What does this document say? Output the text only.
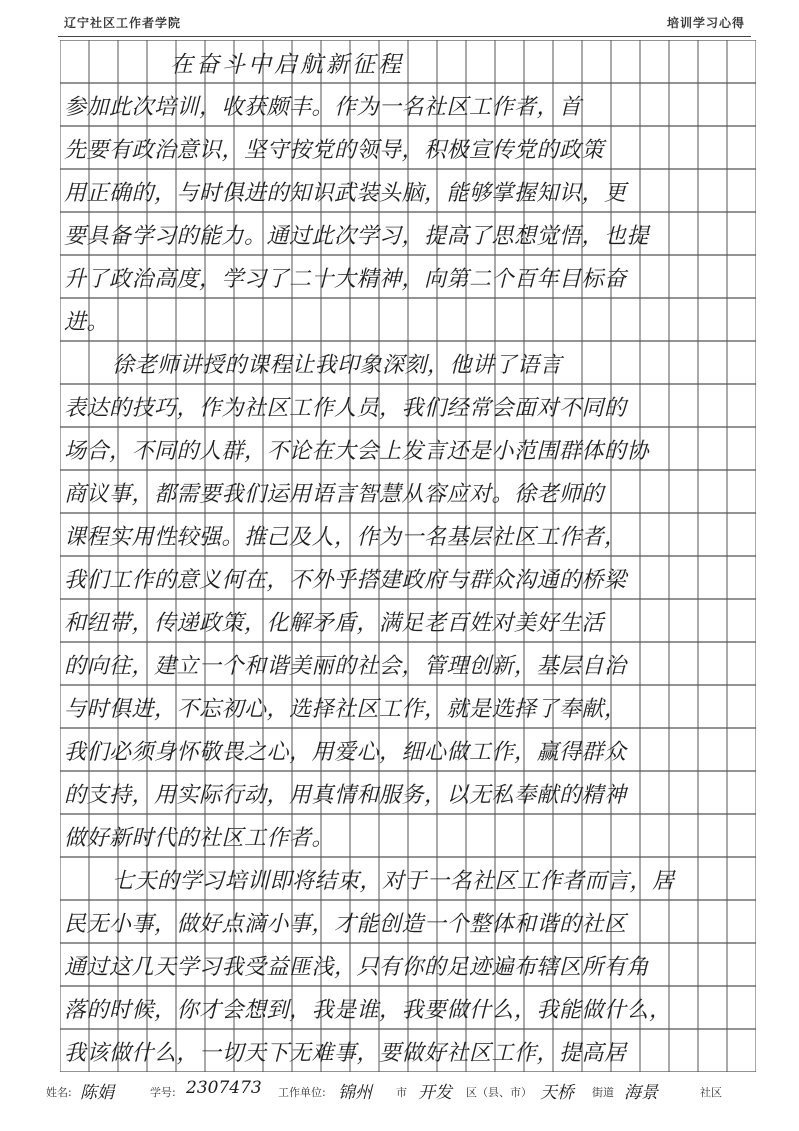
辽宁社区工作者学院	培训学习心得
在奋斗中启航新征程
参加此次培训，收获颇丰。作为一名社区工作者，首
先要有政治意识，坚守按党的领导，积极宣传党的政策
用正确的，与时俱进的知识武装头脑，能够掌握知识，更
要具备学习的能力。通过此次学习，提高了思想觉悟，也提
升了政治高度，学习了二十大精神，向第二个百年目标奋
进。
徐老师讲授的课程让我印象深刻，他讲了语言
表达的技巧，作为社区工作人员，我们经常会面对不同的
场合，不同的人群，不论在大会上发言还是小范围群体的协
商议事，都需要我们运用语言智慧从容应对。徐老师的
课程实用性较强。推己及人，作为一名基层社区工作者，
我们工作的意义何在，不外乎搭建政府与群众沟通的桥梁
和纽带，传递政策，化解矛盾，满足老百姓对美好生活
的向往，建立一个和谐美丽的社会，管理创新，基层自治
与时俱进，不忘初心，选择社区工作，就是选择了奉献，
我们必须身怀敬畏之心，用爱心，细心做工作，赢得群众
的支持，用实际行动，用真情和服务，以无私奉献的精神
做好新时代的社区工作者。
七天的学习培训即将结束，对于一名社区工作者而言，居
民无小事，做好点滴小事，才能创造一个整体和谐的社区
通过这几天学习我受益匪浅，只有你的足迹遍布辖区所有角
落的时候，你才会想到，我是谁，我要做什么，我能做什么，
我该做什么，一切天下无难事，要做好社区工作，提高居
姓名: 陈娟	学号: 2307473 工作单位: 锦州 市 开发 区（县、市） 天桥 街道 海景	社区
